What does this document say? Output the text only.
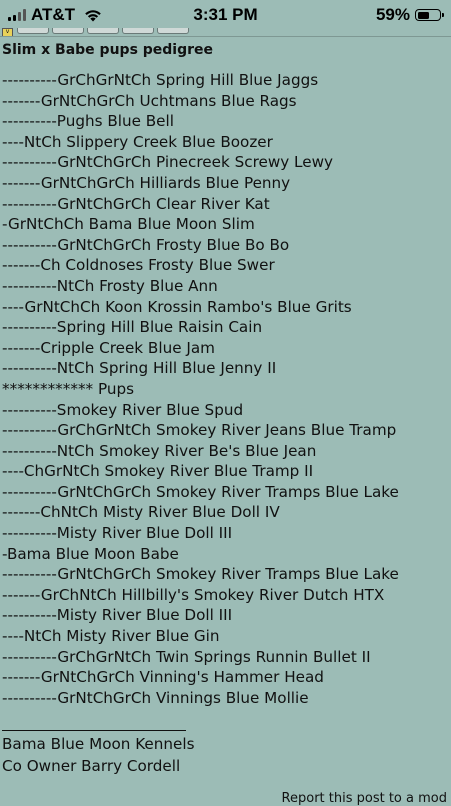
AT&T	3:31 PM	59%
v
Slim x Babe pups pedigree
----------GrChGrNtCh Spring Hill Blue Jaggs
-------GrNtChGrCh Uchtmans Blue Rags
----------Pughs Blue Bell
----NtCh Slippery Creek Blue Boozer
----------GrNtChGrCh Pinecreek Screwy Lewy
-------GrNtChGrCh Hilliards Blue Penny
----------GrNtChGrCh Clear River Kat
-GrNtChCh Bama Blue Moon Slim
----------GrNtChGrCh Frosty Blue Bo Bo
-------Ch Coldnoses Frosty Blue Swer
----------NtCh Frosty Blue Ann
----GrNtChCh Koon Krossin Rambo's Blue Grits
----------Spring Hill Blue Raisin Cain
-------Cripple Creek Blue Jam
----------NtCh Spring Hill Blue Jenny II
************ Pups
----------Smokey River Blue Spud
----------GrChGrNtCh Smokey River Jeans Blue Tramp
----------NtCh Smokey River Be's Blue Jean
----ChGrNtCh Smokey River Blue Tramp II
----------GrNtChGrCh Smokey River Tramps Blue Lake
-------ChNtCh Misty River Blue Doll IV
----------Misty River Blue Doll III
-Bama Blue Moon Babe
----------GrNtChGrCh Smokey River Tramps Blue Lake
-------GrChNtCh Hillbilly's Smokey River Dutch HTX
----------Misty River Blue Doll III
----NtCh Misty River Blue Gin
----------GrChGrNtCh Twin Springs Runnin Bullet II
-------GrNtChGrCh Vinning's Hammer Head
----------GrNtChGrCh Vinnings Blue Mollie
Bama Blue Moon Kennels
Co Owner Barry Cordell
Report this post to a mod
